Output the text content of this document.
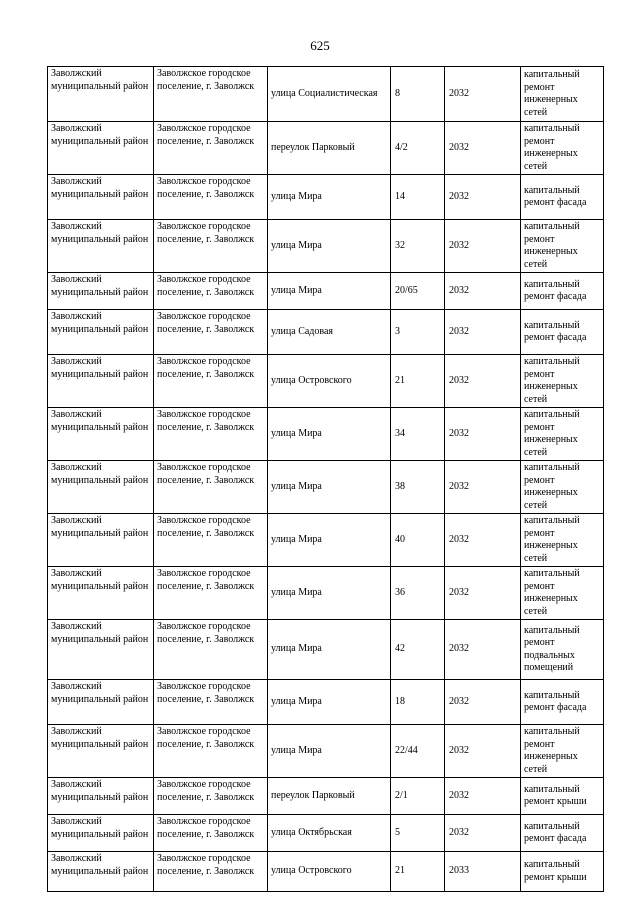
625
Заволжский муниципальный район	Заволжское городское поселение, г. Заволжск	улица Социалистическая	8	2032	капитальный ремонт инженерных сетей
Заволжский муниципальный район	Заволжское городское поселение, г. Заволжск	переулок Парковый	4/2	2032	капитальный ремонт инженерных сетей
Заволжский муниципальный район	Заволжское городское поселение, г. Заволжск	улица Мира	14	2032	капитальный ремонт фасада
Заволжский муниципальный район	Заволжское городское поселение, г. Заволжск	улица Мира	32	2032	капитальный ремонт инженерных сетей
Заволжский муниципальный район	Заволжское городское поселение, г. Заволжск	улица Мира	20/65	2032	капитальный ремонт фасада
Заволжский муниципальный район	Заволжское городское поселение, г. Заволжск	улица Садовая	3	2032	капитальный ремонт фасада
Заволжский муниципальный район	Заволжское городское поселение, г. Заволжск	улица Островского	21	2032	капитальный ремонт инженерных сетей
Заволжский муниципальный район	Заволжское городское поселение, г. Заволжск	улица Мира	34	2032	капитальный ремонт инженерных сетей
Заволжский муниципальный район	Заволжское городское поселение, г. Заволжск	улица Мира	38	2032	капитальный ремонт инженерных сетей
Заволжский муниципальный район	Заволжское городское поселение, г. Заволжск	улица Мира	40	2032	капитальный ремонт инженерных сетей
Заволжский муниципальный район	Заволжское городское поселение, г. Заволжск	улица Мира	36	2032	капитальный ремонт инженерных сетей
Заволжский муниципальный район	Заволжское городское поселение, г. Заволжск	улица Мира	42	2032	капитальный ремонт подвальных помещений
Заволжский муниципальный район	Заволжское городское поселение, г. Заволжск	улица Мира	18	2032	капитальный ремонт фасада
Заволжский муниципальный район	Заволжское городское поселение, г. Заволжск	улица Мира	22/44	2032	капитальный ремонт инженерных сетей
Заволжский муниципальный район	Заволжское городское поселение, г. Заволжск	переулок Парковый	2/1	2032	капитальный ремонт крыши
Заволжский муниципальный район	Заволжское городское поселение, г. Заволжск	улица Октябрьская	5	2032	капитальный ремонт фасада
Заволжский муниципальный район	Заволжское городское поселение, г. Заволжск	улица Островского	21	2033	капитальный ремонт крыши
